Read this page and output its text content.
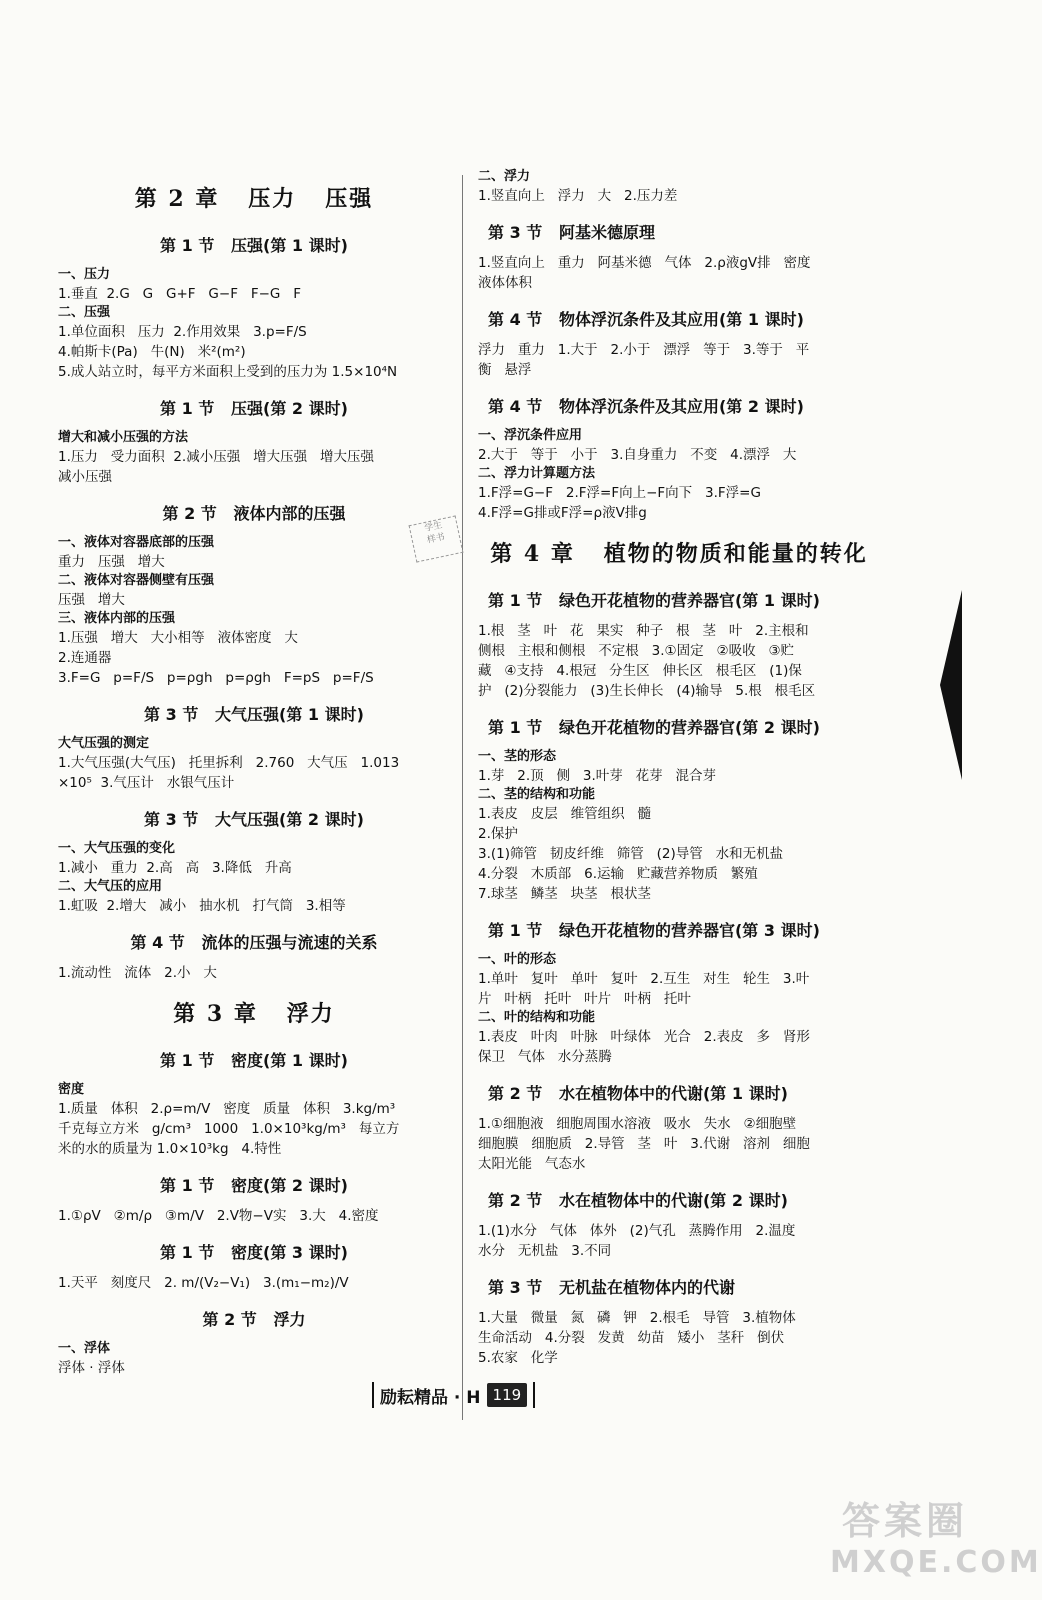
第 2 章   压力   压强
第 1 节   压强(第 1 课时)
一、压力
1.垂直  2.G   G   G+F   G−F   F−G   F
二、压强
1.单位面积   压力  2.作用效果   3.p=F/S
4.帕斯卡(Pa)   牛(N)   米²(m²)
5.成人站立时，每平方米面积上受到的压力为 1.5×10⁴N
第 1 节   压强(第 2 课时)
增大和减小压强的方法
1.压力   受力面积  2.减小压强   增大压强   增大压强
减小压强
第 2 节   液体内部的压强
一、液体对容器底部的压强
重力   压强   增大
二、液体对容器侧壁有压强
压强   增大
三、液体内部的压强
1.压强   增大   大小相等   液体密度   大
2.连通器
3.F=G   p=F/S   p=ρgh   p=ρgh   F=pS   p=F/S
第 3 节   大气压强(第 1 课时)
大气压强的测定
1.大气压强(大气压)   托里拆利   2.760   大气压   1.013
×10⁵  3.气压计   水银气压计
第 3 节   大气压强(第 2 课时)
一、大气压强的变化
1.减小   重力  2.高   高   3.降低   升高
二、大气压的应用
1.虹吸  2.增大   减小   抽水机   打气筒   3.相等
第 4 节   流体的压强与流速的关系
1.流动性   流体   2.小   大
第 3 章   浮力
第 1 节   密度(第 1 课时)
密度
1.质量   体积   2.ρ=m/V   密度   质量   体积   3.kg/m³
千克每立方米   g/cm³   1000   1.0×10³kg/m³   每立方
米的水的质量为 1.0×10³kg   4.特性
第 1 节   密度(第 2 课时)
1.①ρV   ②m/ρ   ③m/V   2.V物−V实   3.大   4.密度
第 1 节   密度(第 3 课时)
1.天平   刻度尺   2. m/(V₂−V₁)   3.(m₁−m₂)/V
第 2 节   浮力
一、浮体
浮体 · 浮体
二、浮力
1.竖直向上   浮力   大   2.压力差
第 3 节   阿基米德原理
1.竖直向上   重力   阿基米德   气体   2.ρ液gV排   密度
液体体积
第 4 节   物体浮沉条件及其应用(第 1 课时)
浮力   重力   1.大于   2.小于   漂浮   等于   3.等于   平
衡   悬浮
第 4 节   物体浮沉条件及其应用(第 2 课时)
一、浮沉条件应用
2.大于   等于   小于   3.自身重力   不变   4.漂浮   大
二、浮力计算题方法
1.F浮=G−F   2.F浮=F向上−F向下   3.F浮=G
4.F浮=G排或F浮=ρ液V排g
第 4 章   植物的物质和能量的转化
第 1 节   绿色开花植物的营养器官(第 1 课时)
1.根   茎   叶   花   果实   种子   根   茎   叶   2.主根和
侧根   主根和侧根   不定根   3.①固定   ②吸收   ③贮
藏   ④支持   4.根冠   分生区   伸长区   根毛区   (1)保
护   (2)分裂能力   (3)生长伸长   (4)输导   5.根   根毛区
第 1 节   绿色开花植物的营养器官(第 2 课时)
一、茎的形态
1.芽   2.顶   侧   3.叶芽   花芽   混合芽
二、茎的结构和功能
1.表皮   皮层   维管组织   髓
2.保护
3.(1)筛管   韧皮纤维   筛管   (2)导管   水和无机盐
4.分裂   木质部   6.运输   贮藏营养物质   繁殖
7.球茎   鳞茎   块茎   根状茎
第 1 节   绿色开花植物的营养器官(第 3 课时)
一、叶的形态
1.单叶   复叶   单叶   复叶   2.互生   对生   轮生   3.叶
片   叶柄   托叶   叶片   叶柄   托叶
二、叶的结构和功能
1.表皮   叶肉   叶脉   叶绿体   光合   2.表皮   多   肾形
保卫   气体   水分蒸腾
第 2 节   水在植物体中的代谢(第 1 课时)
1.①细胞液   细胞周围水溶液   吸水   失水   ②细胞壁
细胞膜   细胞质   2.导管   茎   叶   3.代谢   溶剂   细胞
太阳光能   气态水
第 2 节   水在植物体中的代谢(第 2 课时)
1.(1)水分   气体   体外   (2)气孔   蒸腾作用   2.温度
水分   无机盐   3.不同
第 3 节   无机盐在植物体内的代谢
1.大量   微量   氮   磷   钾   2.根毛   导管   3.植物体
生命活动   4.分裂   发黄   幼苗   矮小   茎秆   倒伏
5.农家   化学
学生
样书
励耘精品 · H 119
答案圈
MXQE.COM
